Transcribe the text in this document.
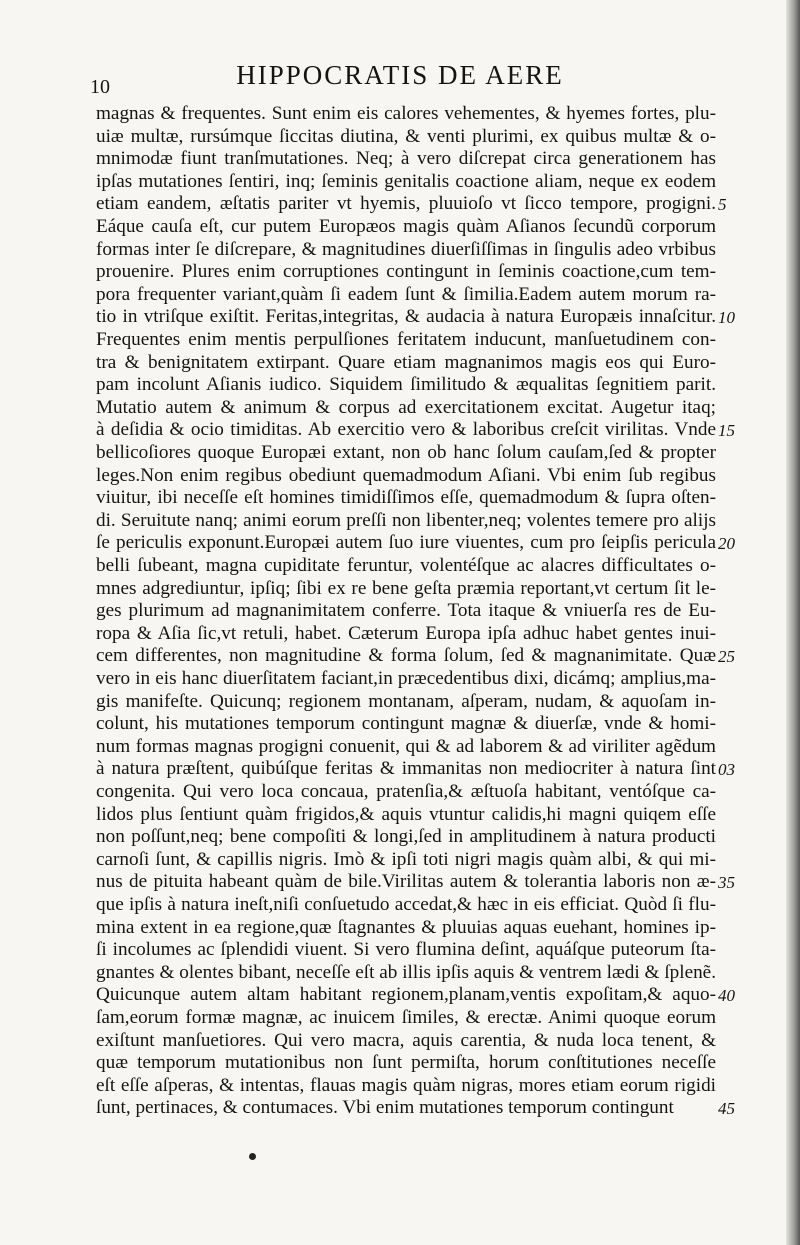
10	HIPPOCRATIS DE AERE
magnas & frequentes. Sunt enim eis calores vehementes, & hyemes fortes, plu-
uiæ multæ, rursúmque ſiccitas diutina, & venti plurimi, ex quibus multæ & o-
mnimodæ fiunt tranſmutationes. Neq; à vero diſcrepat circa generationem has
ipſas mutationes ſentiri, inq; ſeminis genitalis coactione aliam, neque ex eodem
etiam eandem, æſtatis pariter vt hyemis, pluuioſo vt ſicco tempore, progigni.
Eáque cauſa eſt, cur putem Europæos magis quàm Aſianos ſecundũ corporum
formas inter ſe diſcrepare, & magnitudines diuerſiſſimas in ſingulis adeo vrbibus
prouenire. Plures enim corruptiones contingunt in ſeminis coactione,cum tem-
pora frequenter variant,quàm ſi eadem ſunt & ſimilia.Eadem autem morum ra-
tio in vtriſque exiſtit. Feritas,integritas, & audacia à natura Europæis innaſcitur.
Frequentes enim mentis perpulſiones feritatem inducunt, manſuetudinem con-
tra & benignitatem extirpant. Quare etiam magnanimos magis eos qui Euro-
pam incolunt Aſianis iudico. Siquidem ſimilitudo & æqualitas ſegnitiem parit.
Mutatio autem & animum & corpus ad exercitationem excitat. Augetur itaq;
à deſidia & ocio timiditas. Ab exercitio vero & laboribus creſcit virilitas. Vnde
bellicoſiores quoque Europæi extant, non ob hanc ſolum cauſam,ſed & propter
leges.Non enim regibus obediunt quemadmodum Aſiani. Vbi enim ſub regibus
viuitur, ibi neceſſe eſt homines timidiſſimos eſſe, quemadmodum & ſupra oſten-
di. Seruitute nanq; animi eorum preſſi non libenter,neq; volentes temere pro alijs
ſe periculis exponunt.Europæi autem ſuo iure viuentes, cum pro ſeipſis pericula
belli ſubeant, magna cupiditate feruntur, volentéſque ac alacres difficultates o-
mnes adgrediuntur, ipſiq; ſibi ex re bene geſta præmia reportant,vt certum ſit le-
ges plurimum ad magnanimitatem conferre. Tota itaque & vniuerſa res de Eu-
ropa & Aſia ſic,vt retuli, habet. Cæterum Europa ipſa adhuc habet gentes inui-
cem differentes, non magnitudine & forma ſolum, ſed & magnanimitate. Quæ
vero in eis hanc diuerſitatem faciant,in præcedentibus dixi, dicámq; amplius,ma-
gis manifeſte. Quicunq; regionem montanam, aſperam, nudam, & aquoſam in-
colunt, his mutationes temporum contingunt magnæ & diuerſæ, vnde & homi-
num formas magnas progigni conuenit, qui & ad laborem & ad viriliter agẽdum
à natura præſtent, quibúſque feritas & immanitas non mediocriter à natura ſint
congenita. Qui vero loca concaua, pratenſia,& æſtuoſa habitant, ventóſque ca-
lidos plus ſentiunt quàm frigidos,& aquis vtuntur calidis,hi magni quiqem eſſe
non poſſunt,neq; bene compoſiti & longi,ſed in amplitudinem à natura producti
carnoſi ſunt, & capillis nigris. Imò & ipſi toti nigri magis quàm albi, & qui mi-
nus de pituita habeant quàm de bile.Virilitas autem & tolerantia laboris non æ-
que ipſis à natura ineſt,niſi conſuetudo accedat,& hæc in eis efficiat. Quòd ſi flu-
mina extent in ea regione,quæ ſtagnantes & pluuias aquas euehant, homines ip-
ſi incolumes ac ſplendidi viuent. Si vero flumina deſint, aquáſque puteorum ſta-
gnantes & olentes bibant, neceſſe eſt ab illis ipſis aquis & ventrem lædi & ſplenẽ.
Quicunque autem altam habitant regionem,planam,ventis expoſitam,& aquo-
ſam,eorum formæ magnæ, ac inuicem ſimiles, & erectæ. Animi quoque eorum
exiſtunt manſuetiores. Qui vero macra, aquis carentia, & nuda loca tenent, &
quæ temporum mutationibus non ſunt permiſta, horum conſtitutiones neceſſe
eſt eſſe aſperas, & intentas, flauas magis quàm nigras, mores etiam eorum rigidi
ſunt, pertinaces, & contumaces. Vbi enim mutationes temporum contingunt
5
10
15
20
25
03
35
40
45
